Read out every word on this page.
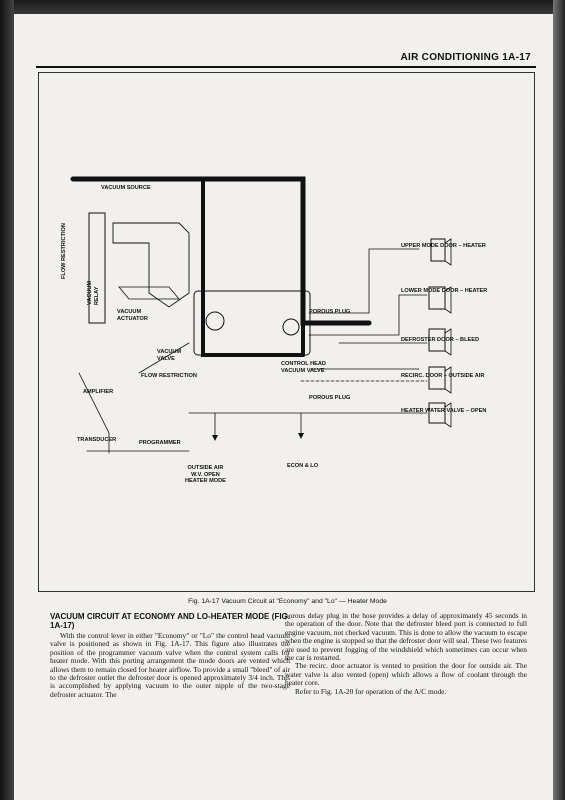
AIR CONDITIONING 1A-17
VACUUM SOURCE
FLOW RESTRICTION
VACUUM
RELAY
VACUUM
ACTUATOR
VACUUM
VALVE
FLOW RESTRICTION
AMPLIFIER
TRANSDUCER	PROGRAMMER
OUTSIDE AIR
W.V. OPEN
HEATER MODE
ECON & LO
UPPER MODE DOOR – HEATER
LOWER MODE DOOR – HEATER
POROUS PLUG
DEFROSTER DOOR – BLEED
CONTROL HEAD
VACUUM VALVE
RECIRC. DOOR – OUTSIDE AIR
POROUS PLUG
HEATER WATER VALVE – OPEN
Fig. 1A-17 Vacuum Circuit at "Economy" and "Lo" — Heater Mode
VACUUM CIRCUIT AT ECONOMY AND LO-HEATER MODE (FIG. 1A-17)

With the control lever in either "Economy" or "Lo" the control head vacuum valve is positioned as shown in Fig. 1A-17. This figure also illustrates the position of the programmer vacuum valve when the control system calls for heater mode. With this porting arrangement the mode doors are vented which allows them to remain closed for heater airflow. To provide a small "bleed" of air to the defroster outlet the defroster door is opened approximately 3/4 inch. This is accomplished by applying vacuum to the outer nipple of the two-stage defroster actuator. The

porous delay plug in the hose provides a delay of approximately 45 seconds in the operation of the door. Note that the defroster bleed port is connected to full engine vacuum, not checked vacuum. This is done to allow the vacuum to escape when the engine is stopped so that the defroster door will seal. These two features are used to prevent fogging of the windshield which sometimes can occur when the car is restarted.

The recirc. door actuator is vented to position the door for outside air. The water valve is also vented (open) which allows a flow of coolant through the heater core.

Refer to Fig. 1A-20 for operation of the A/C mode.
